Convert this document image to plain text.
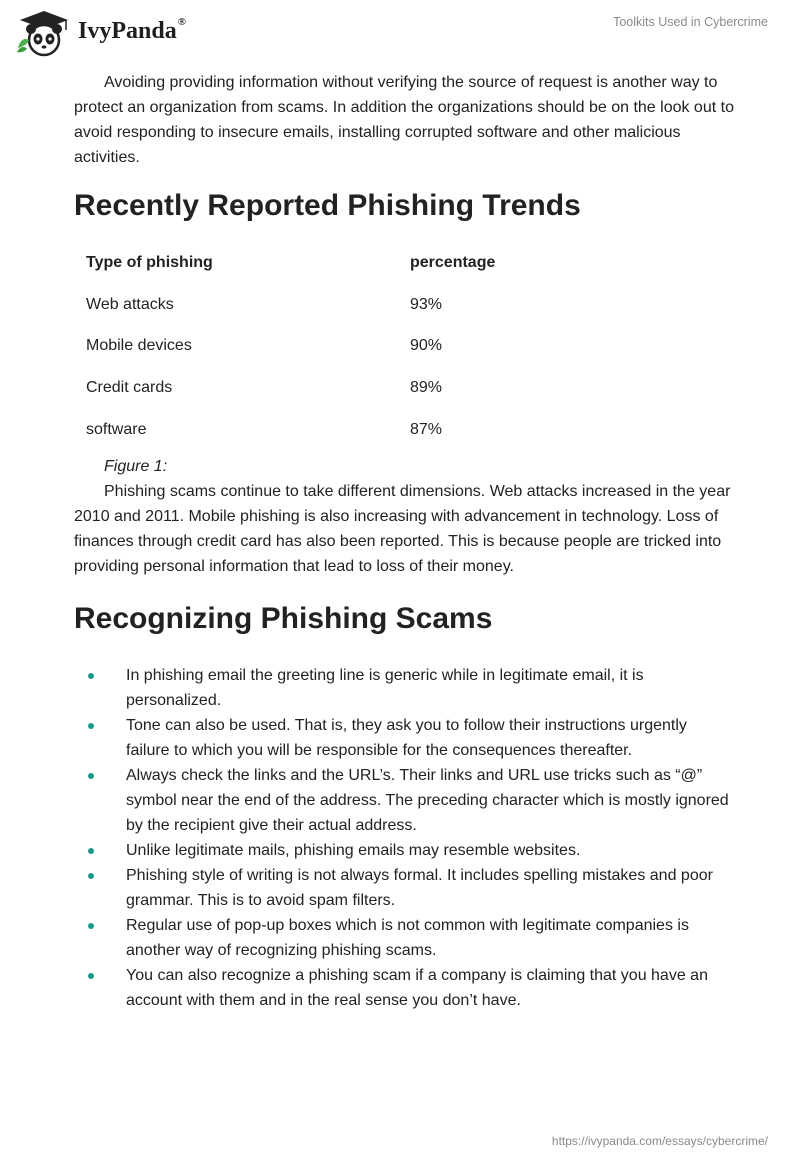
IvyPanda®	Toolkits Used in Cybercrime

Avoiding providing information without verifying the source of request is another way to protect an organization from scams. In addition the organizations should be on the look out to avoid responding to insecure emails, installing corrupted software and other malicious activities.

Recently Reported Phishing Trends
Type of phishing	percentage
Web attacks	93%
Mobile devices	90%
Credit cards	89%
software	87%

Figure 1:

Phishing scams continue to take different dimensions. Web attacks increased in the year 2010 and 2011. Mobile phishing is also increasing with advancement in technology. Loss of finances through credit card has also been reported. This is because people are tricked into providing personal information that lead to loss of their money.

Recognizing Phishing Scams
In phishing email the greeting line is generic while in legitimate email, it is personalized.
Tone can also be used. That is, they ask you to follow their instructions urgently failure to which you will be responsible for the consequences thereafter.
Always check the links and the URL’s. Their links and URL use tricks such as “@” symbol near the end of the address. The preceding character which is mostly ignored by the recipient give their actual address.
Unlike legitimate mails, phishing emails may resemble websites.
Phishing style of writing is not always formal. It includes spelling mistakes and poor grammar. This is to avoid spam filters.
Regular use of pop-up boxes which is not common with legitimate companies is another way of recognizing phishing scams.
You can also recognize a phishing scam if a company is claiming that you have an account with them and in the real sense you don’t have.
https://ivypanda.com/essays/cybercrime/
